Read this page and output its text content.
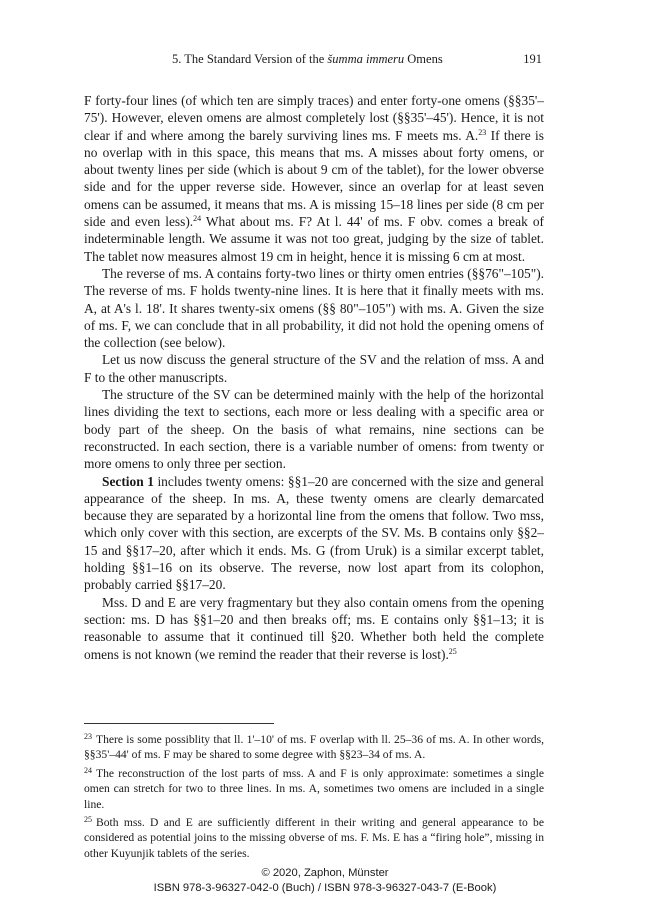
5. The Standard Version of the šumma immeru Omens	191

F forty-four lines (of which ten are simply traces) and enter forty-one omens (§§35'–75'). However, eleven omens are almost completely lost (§§35'–45'). Hence, it is not clear if and where among the barely surviving lines ms. F meets ms. A.$^{23}$ If there is no overlap with in this space, this means that ms. A misses about forty omens, or about twenty lines per side (which is about 9 cm of the tablet), for the lower obverse side and for the upper reverse side. However, since an overlap for at least seven omens can be assumed, it means that ms. A is missing 15–18 lines per side (8 cm per side and even less).$^{24}$ What about ms. F? At l. 44' of ms. F obv. comes a break of indeterminable length. We assume it was not too great, judging by the size of tablet. The tablet now measures almost 19 cm in height, hence it is missing 6 cm at most.

The reverse of ms. A contains forty-two lines or thirty omen entries (§§76"–105"). The reverse of ms. F holds twenty-nine lines. It is here that it finally meets with ms. A, at A's l. 18'. It shares twenty-six omens (§§ 80"–105") with ms. A. Given the size of ms. F, we can conclude that in all probability, it did not hold the opening omens of the collection (see below).

Let us now discuss the general structure of the SV and the relation of mss. A and F to the other manuscripts.

The structure of the SV can be determined mainly with the help of the horizontal lines dividing the text to sections, each more or less dealing with a specific area or body part of the sheep. On the basis of what remains, nine sections can be reconstructed. In each section, there is a variable number of omens: from twenty or more omens to only three per section.

Section 1 includes twenty omens: §§1–20 are concerned with the size and general appearance of the sheep. In ms. A, these twenty omens are clearly demarcated because they are separated by a horizontal line from the omens that follow. Two mss, which only cover with this section, are excerpts of the SV. Ms. B contains only §§2–15 and §§17–20, after which it ends. Ms. G (from Uruk) is a similar excerpt tablet, holding §§1–16 on its observe. The reverse, now lost apart from its colophon, probably carried §§17–20.

Mss. D and E are very fragmentary but they also contain omens from the opening section: ms. D has §§1–20 and then breaks off; ms. E contains only §§1–13; it is reasonable to assume that it continued till §20. Whether both held the complete omens is not known (we remind the reader that their reverse is lost).$^{25}$

$^{23}$ There is some possiblity that ll. 1'–10' of ms. F overlap with ll. 25–36 of ms. A. In other words, §§35'–44' of ms. F may be shared to some degree with §§23–34 of ms. A.

$^{24}$ The reconstruction of the lost parts of mss. A and F is only approximate: sometimes a single omen can stretch for two to three lines. In ms. A, sometimes two omens are included in a single line.

$^{25}$ Both mss. D and E are sufficiently different in their writing and general appearance to be considered as potential joins to the missing obverse of ms. F. Ms. E has a “firing hole”, missing in other Kuyunjik tablets of the series.

© 2020, Zaphon, Münster
ISBN 978-3-96327-042-0 (Buch) / ISBN 978-3-96327-043-7 (E-Book)
